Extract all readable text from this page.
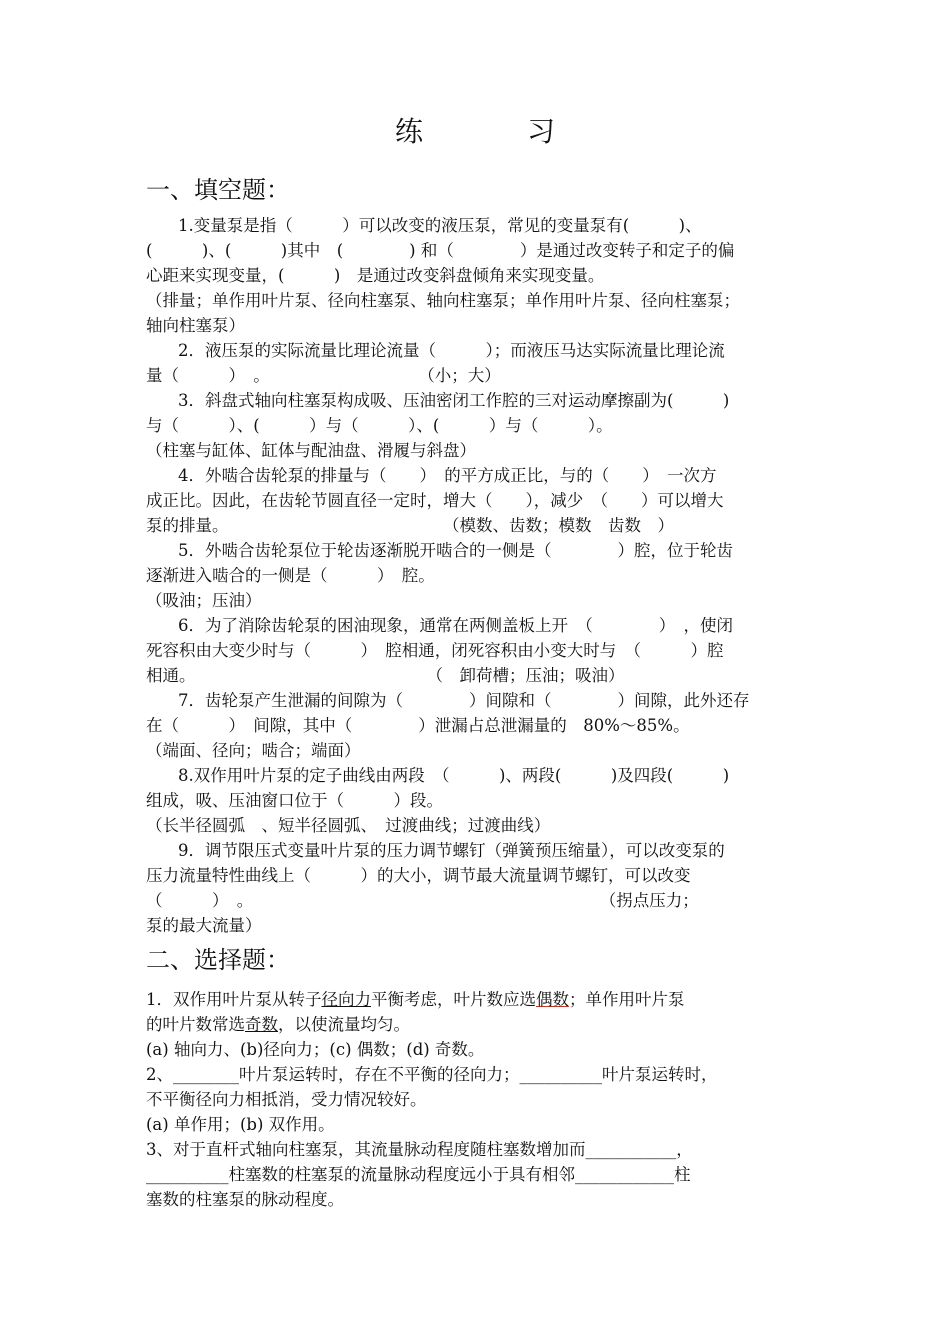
练　习
一、填空题：
1.变量泵是指（　　　）可以改变的液压泵，常见的变量泵有(　　　)、
(　　　)、(　　　)其中　(　　　　) 和（　　　　）是通过改变转子和定子的偏
心距来实现变量，(　　　)　是通过改变斜盘倾角来实现变量。
（排量；单作用叶片泵、径向柱塞泵、轴向柱塞泵；单作用叶片泵、径向柱塞泵；
轴向柱塞泵）
2．液压泵的实际流量比理论流量（　　　）；而液压马达实际流量比理论流
量（　　　）　。　　　　　　　　　　（小；大）
3．斜盘式轴向柱塞泵构成吸、压油密闭工作腔的三对运动摩擦副为(　　　)
与（　　　）、(　　　）与（　　　）、(　　　）与（　　　）。
（柱塞与缸体、缸体与配油盘、滑履与斜盘）
4．外啮合齿轮泵的排量与（　　）　的平方成正比，与的（　　）　一次方
成正比。因此，在齿轮节圆直径一定时，增大（　　），减少　（　　）可以增大
泵的排量。　　　　　　　　　　　　　　（模数、齿数；模数　齿数　）
5．外啮合齿轮泵位于轮齿逐渐脱开啮合的一侧是（　　　　）腔，位于轮齿
逐渐进入啮合的一侧是（　　　）　腔。
（吸油；压油）
6．为了消除齿轮泵的困油现象，通常在两侧盖板上开　（　　　　）　，使闭
死容积由大变少时与（　　　）　腔相通，闭死容积由小变大时与　（　　　）腔
相通。　　　　　　　　　　　　　　　（　卸荷槽；压油；吸油）
7．齿轮泵产生泄漏的间隙为（　　　　）间隙和（　　　　）间隙，此外还存
在（　　　）　间隙，其中（　　　　）泄漏占总泄漏量的　80%～85%。
（端面、径向；啮合；端面）
8.双作用叶片泵的定子曲线由两段　（　　　)、两段(　　　)及四段(　　　)
组成，吸、压油窗口位于（　　　）段。
（长半径圆弧　、短半径圆弧、　过渡曲线；过渡曲线）
9．调节限压式变量叶片泵的压力调节螺钉（弹簧预压缩量），可以改变泵的
压力流量特性曲线上（　　　）的大小，调节最大流量调节螺钉，可以改变
（　　　）　。　　　　　　　　　　　　　　　　　　　　　　（拐点压力；
泵的最大流量）
二、选择题：
1．双作用叶片泵从转子径向力平衡考虑，叶片数应选偶数；单作用叶片泵
的叶片数常选奇数，以使流量均匀。
(a) 轴向力、(b)径向力；(c) 偶数；(d) 奇数。
2、________叶片泵运转时，存在不平衡的径向力；__________叶片泵运转时，
不平衡径向力相抵消，受力情况较好。
(a) 单作用；(b) 双作用。
3、对于直杆式轴向柱塞泵，其流量脉动程度随柱塞数增加而___________，
__________柱塞数的柱塞泵的流量脉动程度远小于具有相邻____________柱
塞数的柱塞泵的脉动程度。
